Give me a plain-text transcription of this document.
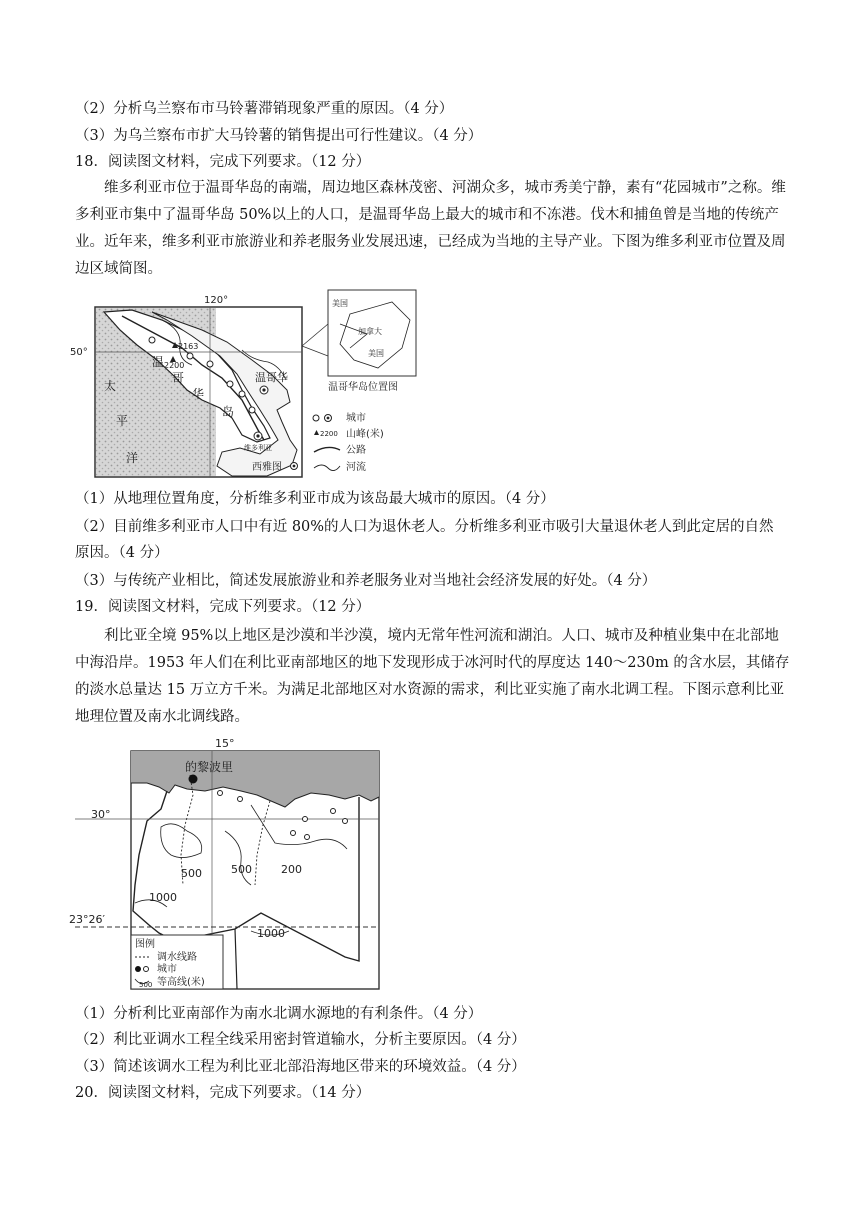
（2）分析乌兰察布市马铃薯滞销现象严重的原因。（4 分）
（3）为乌兰察布市扩大马铃薯的销售提出可行性建议。（4 分）
18．阅读图文材料，完成下列要求。（12 分）
维多利亚市位于温哥华岛的南端，周边地区森林茂密、河湖众多，城市秀美宁静，素有“花园城市”之称。维多利亚市集中了温哥华岛 50%以上的人口，是温哥华岛上最大的城市和不冻港。伐木和捕鱼曾是当地的传统产业。近年来，维多利亚市旅游业和养老服务业发展迅速，已经成为当地的主导产业。下图为维多利亚市位置及周边区域简图。
120°
50°
温
哥
华
岛
太
平
洋
2163
2200
温哥华
维多利亚
西雅图
美国
加拿大
美国
温哥华岛位置图
城市
2200 山峰(米)
公路
河流
（1）从地理位置角度，分析维多利亚市成为该岛最大城市的原因。（4 分）
（2）目前维多利亚市人口中有近 80%的人口为退休老人。分析维多利亚市吸引大量退休老人到此定居的自然
原因。（4 分）
（3）与传统产业相比，简述发展旅游业和养老服务业对当地社会经济发展的好处。（4 分）
19．阅读图文材料，完成下列要求。（12 分）
利比亚全境 95%以上地区是沙漠和半沙漠，境内无常年性河流和湖泊。人口、城市及种植业集中在北部地中海沿岸。1953 年人们在利比亚南部地区的地下发现形成于冰河时代的厚度达 140～230m 的含水层，其储存的淡水总量达 15 万立方千米。为满足北部地区对水资源的需求，利比亚实施了南水北调工程。下图示意利比亚地理位置及南水北调线路。
的黎波里
15°
30°
23°26′
500	500	200
1000
1000
图例
调水线路
城市
500 等高线(米)
（1）分析利比亚南部作为南水北调水源地的有利条件。（4 分）
（2）利比亚调水工程全线采用密封管道输水，分析主要原因。（4 分）
（3）简述该调水工程为利比亚北部沿海地区带来的环境效益。（4 分）
20．阅读图文材料，完成下列要求。（14 分）
